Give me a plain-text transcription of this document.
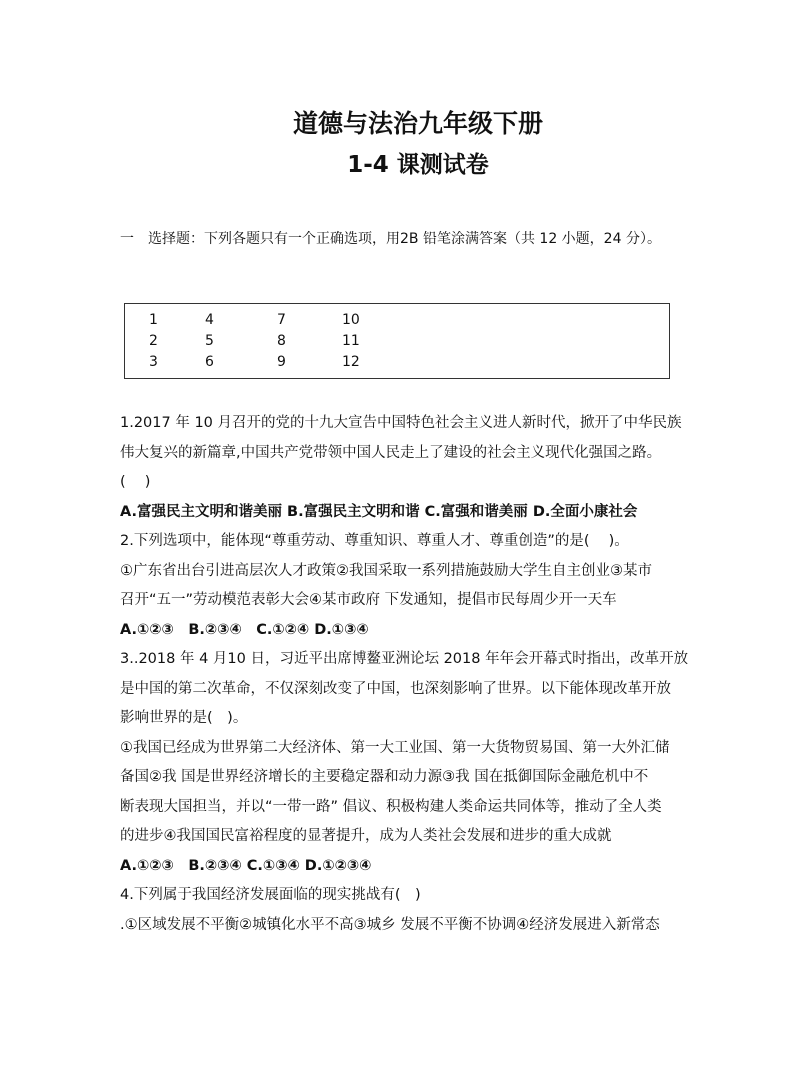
道德与法治九年级下册
1-4 课测试卷
一　选择题：下列各题只有一个正确选项，用2B 铅笔涂满答案（共 12 小题，24 分）。
1
2
3
4
5
6
7
8
9
10
11
12
1.2017 年 10 月召开的党的十九大宣告中国特色社会主义进人新时代，掀开了中华民族
伟大复兴的新篇章,中国共产党带领中国人民走上了建设的社会主义现代化强国之路。
(　 )
A.富强民主文明和谐美丽 B.富强民主文明和谐 C.富强和谐美丽 D.全面小康社会
2.下列选项中，能体现“尊重劳动、尊重知识、尊重人才、尊重创造”的是(　 )。
①广东省出台引进高层次人才政策②我国采取一系列措施鼓励大学生自主创业③某市
召开“五一”劳动模范表彰大会④某市政府 下发通知，提倡市民每周少开一天车
A.①②③　B.②③④　C.①②④ D.①③④
3..2018 年 4 月10 日，习近平出席博鳌亚洲论坛 2018 年年会开幕式时指出，改革开放
是中国的第二次革命，不仅深刻改变了中国，也深刻影响了世界。以下能体现改革开放
影响世界的是(　)。
①我国已经成为世界第二大经济体、第一大工业国、第一大货物贸易国、第一大外汇储
备国②我 国是世界经济增长的主要稳定器和动力源③我 国在抵御国际金融危机中不
断表现大国担当，并以“一带一路” 倡议、积极构建人类命运共同体等，推动了全人类
的进步④我国国民富裕程度的显著提升，成为人类社会发展和进步的重大成就
A.①②③　B.②③④ C.①③④ D.①②③④
4.下列属于我国经济发展面临的现实挑战有(　)
.①区域发展不平衡②城镇化水平不高③城乡 发展不平衡不协调④经济发展进入新常态
